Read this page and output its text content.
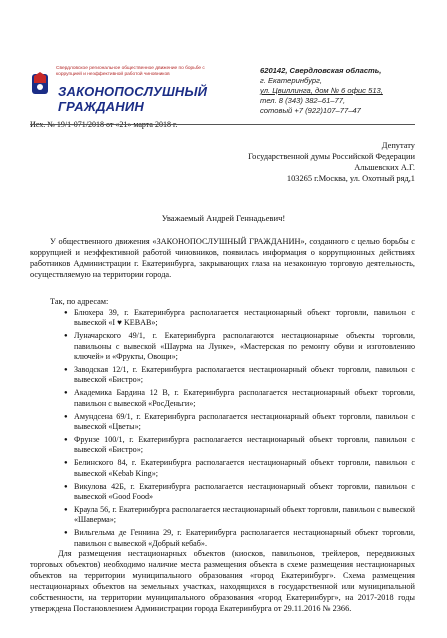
Свердловское региональное общественное движение по борьбе с коррупцией и неэффективной работой чиновников
ЗАКОНОПОСЛУШНЫЙ
ГРАЖДАНИН
620142, Свердловская область,
г. Екатеринбург,
ул. Цвиллинга, дом № 6 офис 513,
тел. 8 (343) 382–61–77,
сотовый +7 (922)107–77–47
Депутату
Государственной думы Российской Федерации
Альшевских А.Г.
103265 г.Москва, ул. Охотный ряд,1
Уважаемый Андрей Геннадьевич!
У общественного движения «ЗАКОНОПОСЛУШНЫЙ ГРАЖДАНИН», созданного с целью борьбы с коррупцией и неэффективной работой чиновников, появилась информация о коррупционных действиях работников Администрации г. Екатеринбурга, закрывающих глаза на незаконную торговую деятельность, осуществляемую на территории города.
Так, по адресам:
● Блюхера 39, г. Екатеринбурга располагается нестационарный объект торговли, павильон с вывеской «I ♥ KEBAB»;
● Луначарского 49/1, г. Екатеринбурга располагаются нестационарные объекты торговли, павильоны с вывеской «Шаурма на Лунке», «Мастерская по ремонту обуви и изготовлению ключей» и «Фрукты, Овощи»;
● Заводская 12/1, г. Екатеринбурга располагается нестационарный объект торговли, павильон с вывеской «Бистро»;
● Академика Бардина 12 В, г. Екатеринбурга располагается нестационарный объект торговли, павильон с вывеской «РосДеньги»;
● Амундсена 69/1, г. Екатеринбурга располагается нестационарный объект торговли, павильон с вывеской «Цветы»;
● Фрунзе 100/1, г. Екатеринбурга располагается нестационарный объект торговли, павильон с вывеской «Бистро»;
● Белинского 84, г. Екатеринбурга располагается нестационарный объект торговли, павильон с вывеской «Kebab King»;
● Викулова 42Б, г. Екатеринбурга располагается нестационарный объект торговли, павильон с вывеской «Good Food»
● Краула 56, г. Екатеринбурга располагается нестационарный объект торговли, павильон с вывеской «Шаверма»;
● Вильгельма де Геннина 29, г. Екатеринбурга располагается нестационарный объект торговли, павильон с вывеской «Добрый кебаб».
Для размещения нестационарных объектов (киосков, павильонов, трейлеров, передвижных торговых объектов) необходимо наличие места размещения объекта в схеме размещения нестационарных объектов на территории муниципального образования «город Екатеринбург». Схема размещения нестационарных объектов на земельных участках, находящихся в государственной или муниципальной собственности, на территории муниципального образования «город Екатеринбург», на 2017-2018 годы утверждена Постановлением Администрации города Екатеринбурга от 29.11.2016 № 2366.
